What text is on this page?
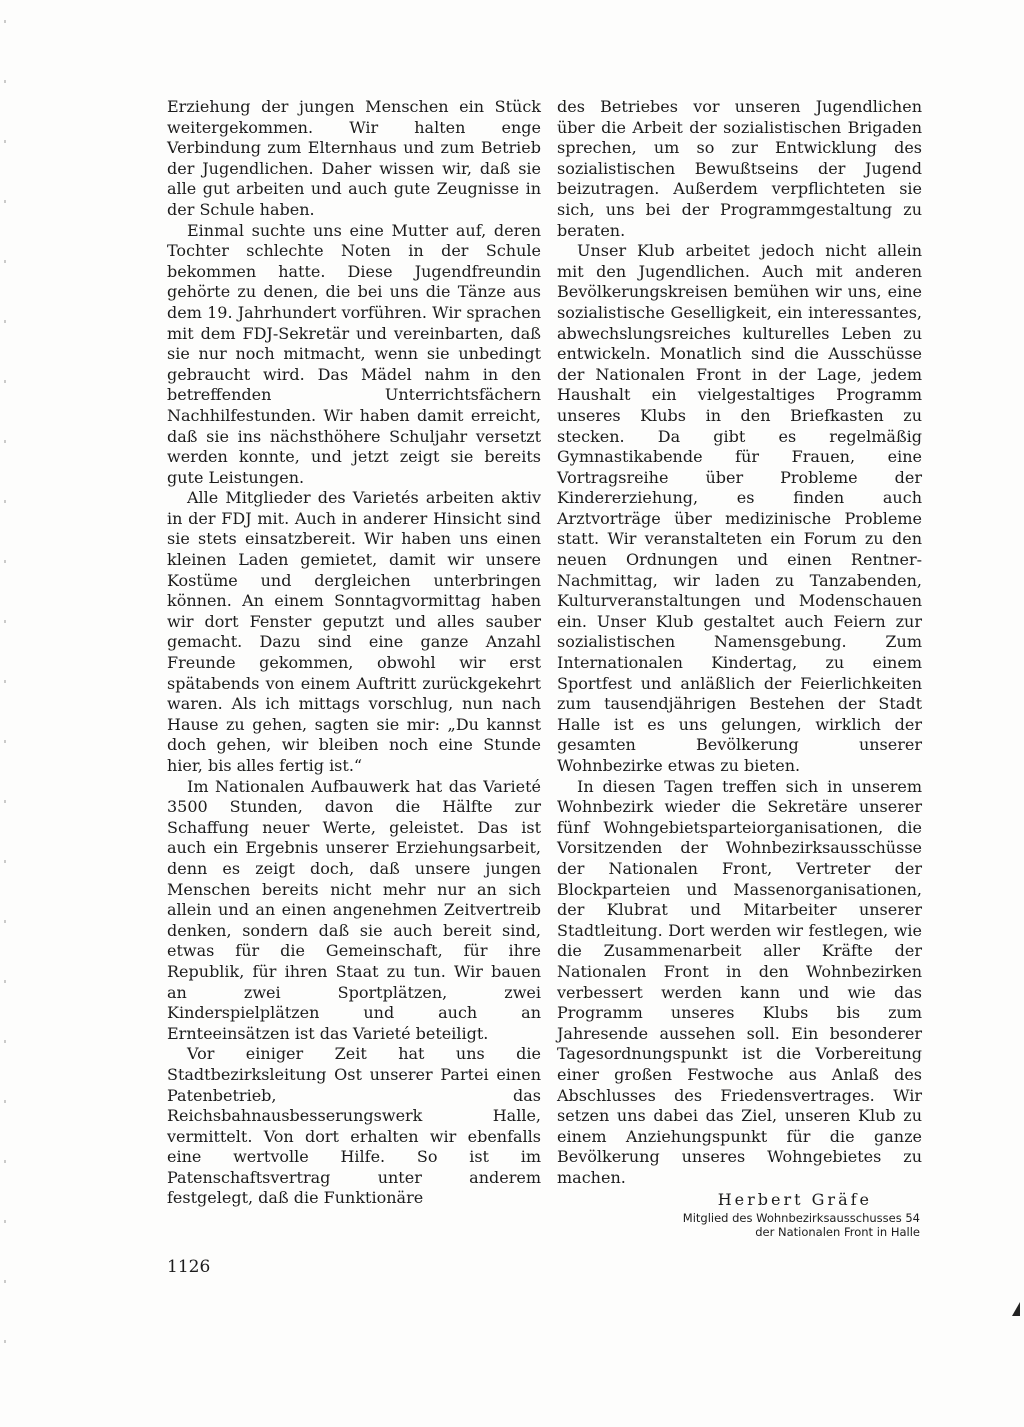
Erziehung der jungen Menschen ein Stück weitergekommen. Wir halten enge Verbindung zum Elternhaus und zum Betrieb der Jugendlichen. Daher wissen wir, daß sie alle gut arbeiten und auch gute Zeugnisse in der Schule haben.

Einmal suchte uns eine Mutter auf, deren Tochter schlechte Noten in der Schule bekommen hatte. Diese Jugendfreundin gehörte zu denen, die bei uns die Tänze aus dem 19. Jahrhundert vorführen. Wir sprachen mit dem FDJ-Sekretär und vereinbarten, daß sie nur noch mitmacht, wenn sie unbedingt gebraucht wird. Das Mädel nahm in den betreffenden Unterrichtsfächern Nachhilfestunden. Wir haben damit erreicht, daß sie ins nächsthöhere Schuljahr versetzt werden konnte, und jetzt zeigt sie bereits gute Leistungen.

Alle Mitglieder des Varietés arbeiten aktiv in der FDJ mit. Auch in anderer Hinsicht sind sie stets einsatzbereit. Wir haben uns einen kleinen Laden gemietet, damit wir unsere Kostüme und dergleichen unterbringen können. An einem Sonntagvormittag haben wir dort Fenster geputzt und alles sauber gemacht. Dazu sind eine ganze Anzahl Freunde gekommen, obwohl wir erst spätabends von einem Auftritt zurückgekehrt waren. Als ich mittags vorschlug, nun nach Hause zu gehen, sagten sie mir: „Du kannst doch gehen, wir bleiben noch eine Stunde hier, bis alles fertig ist.“

Im Nationalen Aufbauwerk hat das Varieté 3500 Stunden, davon die Hälfte zur Schaffung neuer Werte, geleistet. Das ist auch ein Ergebnis unserer Erziehungsarbeit, denn es zeigt doch, daß unsere jungen Menschen bereits nicht mehr nur an sich allein und an einen angenehmen Zeitvertreib denken, sondern daß sie auch bereit sind, etwas für die Gemeinschaft, für ihre Republik, für ihren Staat zu tun. Wir bauen an zwei Sportplätzen, zwei Kinderspielplätzen und auch an Ernteeinsätzen ist das Varieté beteiligt.

Vor einiger Zeit hat uns die Stadtbezirksleitung Ost unserer Partei einen Patenbetrieb, das Reichsbahnausbesserungswerk Halle, vermittelt. Von dort erhalten wir ebenfalls eine wertvolle Hilfe. So ist im Patenschaftsvertrag unter anderem festgelegt, daß die Funktionäre

des Betriebes vor unseren Jugendlichen über die Arbeit der sozialistischen Brigaden sprechen, um so zur Entwicklung des sozialistischen Bewußtseins der Jugend beizutragen. Außerdem verpflichteten sie sich, uns bei der Programmgestaltung zu beraten.

Unser Klub arbeitet jedoch nicht allein mit den Jugendlichen. Auch mit anderen Bevölkerungskreisen bemühen wir uns, eine sozialistische Geselligkeit, ein interessantes, abwechslungsreiches kulturelles Leben zu entwickeln. Monatlich sind die Ausschüsse der Nationalen Front in der Lage, jedem Haushalt ein vielgestaltiges Programm unseres Klubs in den Briefkasten zu stecken. Da gibt es regelmäßig Gymnastikabende für Frauen, eine Vortragsreihe über Probleme der Kindererziehung, es finden auch Arztvorträge über medizinische Probleme statt. Wir veranstalteten ein Forum zu den neuen Ordnungen und einen Rentner-Nachmittag, wir laden zu Tanzabenden, Kulturveranstaltungen und Modenschauen ein. Unser Klub gestaltet auch Feiern zur sozialistischen Namensgebung. Zum Internationalen Kindertag, zu einem Sportfest und anläßlich der Feierlichkeiten zum tausendjährigen Bestehen der Stadt Halle ist es uns gelungen, wirklich der gesamten Bevölkerung unserer Wohnbezirke etwas zu bieten.

In diesen Tagen treffen sich in unserem Wohnbezirk wieder die Sekretäre unserer fünf Wohngebietsparteiorganisationen, die Vorsitzenden der Wohnbezirksausschüsse der Nationalen Front, Vertreter der Blockparteien und Massenorganisationen, der Klubrat und Mitarbeiter unserer Stadtleitung. Dort werden wir festlegen, wie die Zusammenarbeit aller Kräfte der Nationalen Front in den Wohnbezirken verbessert werden kann und wie das Programm unseres Klubs bis zum Jahresende aussehen soll. Ein besonderer Tagesordnungspunkt ist die Vorbereitung einer großen Festwoche aus Anlaß des Abschlusses des Friedensvertrages. Wir setzen uns dabei das Ziel, unseren Klub zu einem Anziehungspunkt für die ganze Bevölkerung unseres Wohngebietes zu machen.

Herbert Gräfe
Mitglied des Wohnbezirksausschusses 54
der Nationalen Front in Halle
1126
